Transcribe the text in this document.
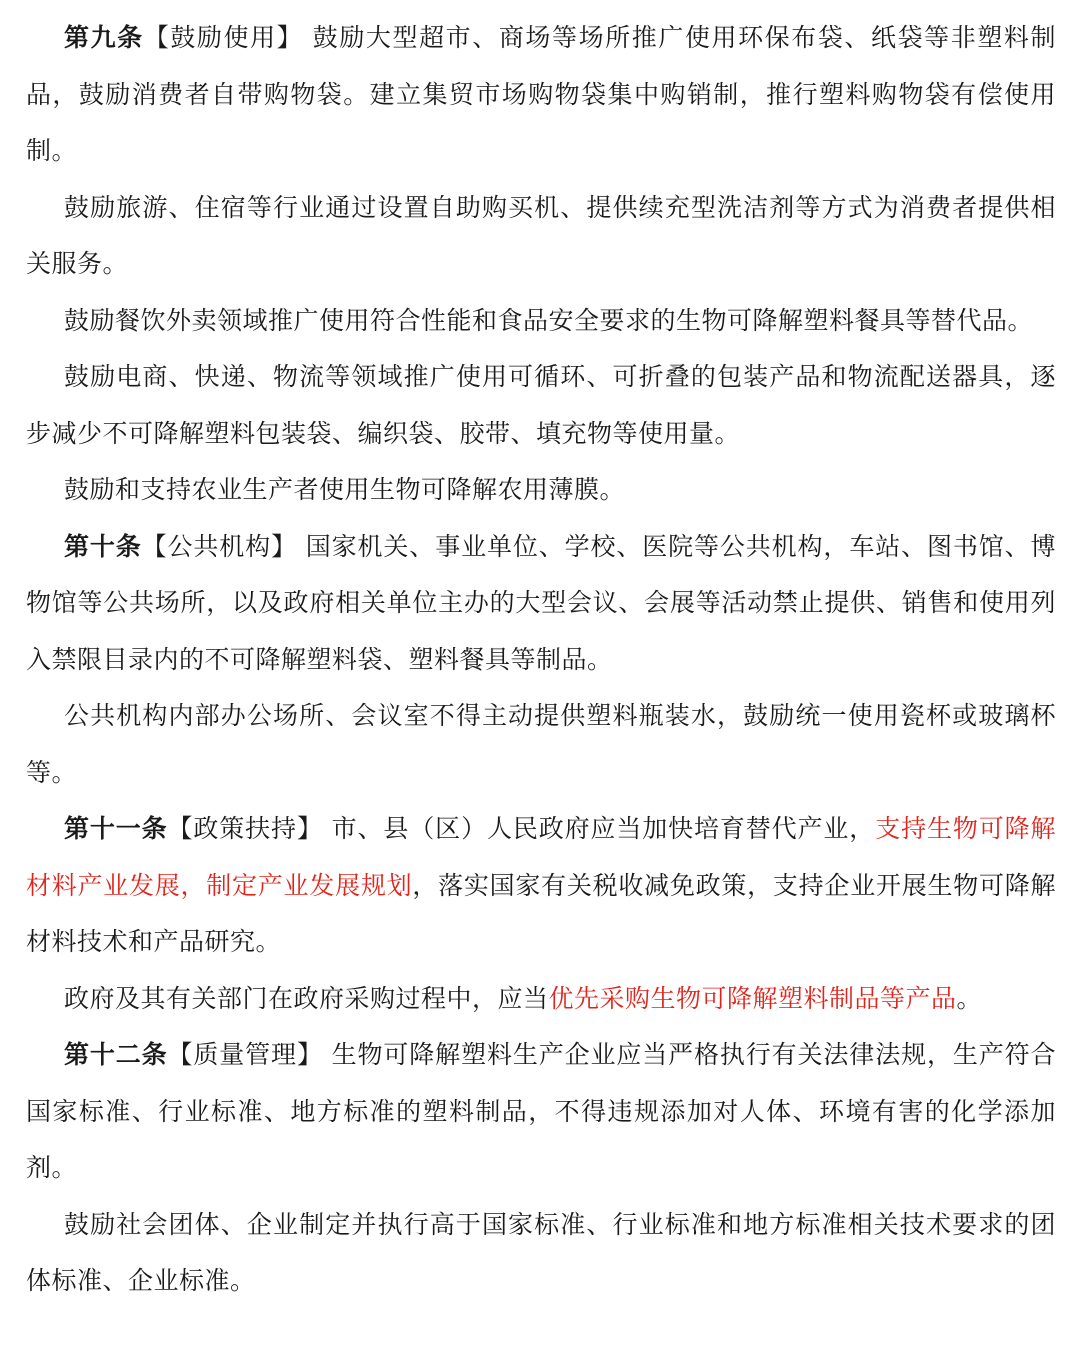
第九条【鼓励使用】 鼓励大型超市、商场等场所推广使用环保布袋、纸袋等非塑料制品，鼓励消费者自带购物袋。建立集贸市场购物袋集中购销制，推行塑料购物袋有偿使用制。

鼓励旅游、住宿等行业通过设置自助购买机、提供续充型洗洁剂等方式为消费者提供相关服务。

鼓励餐饮外卖领域推广使用符合性能和食品安全要求的生物可降解塑料餐具等替代品。

鼓励电商、快递、物流等领域推广使用可循环、可折叠的包装产品和物流配送器具，逐步减少不可降解塑料包装袋、编织袋、胶带、填充物等使用量。

鼓励和支持农业生产者使用生物可降解农用薄膜。

第十条【公共机构】 国家机关、事业单位、学校、医院等公共机构，车站、图书馆、博物馆等公共场所，以及政府相关单位主办的大型会议、会展等活动禁止提供、销售和使用列入禁限目录内的不可降解塑料袋、塑料餐具等制品。

公共机构内部办公场所、会议室不得主动提供塑料瓶装水，鼓励统一使用瓷杯或玻璃杯等。

第十一条【政策扶持】 市、县（区）人民政府应当加快培育替代产业，支持生物可降解材料产业发展，制定产业发展规划，落实国家有关税收减免政策，支持企业开展生物可降解材料技术和产品研究。

政府及其有关部门在政府采购过程中，应当优先采购生物可降解塑料制品等产品。

第十二条【质量管理】 生物可降解塑料生产企业应当严格执行有关法律法规，生产符合国家标准、行业标准、地方标准的塑料制品，不得违规添加对人体、环境有害的化学添加剂。

鼓励社会团体、企业制定并执行高于国家标准、行业标准和地方标准相关技术要求的团体标准、企业标准。
